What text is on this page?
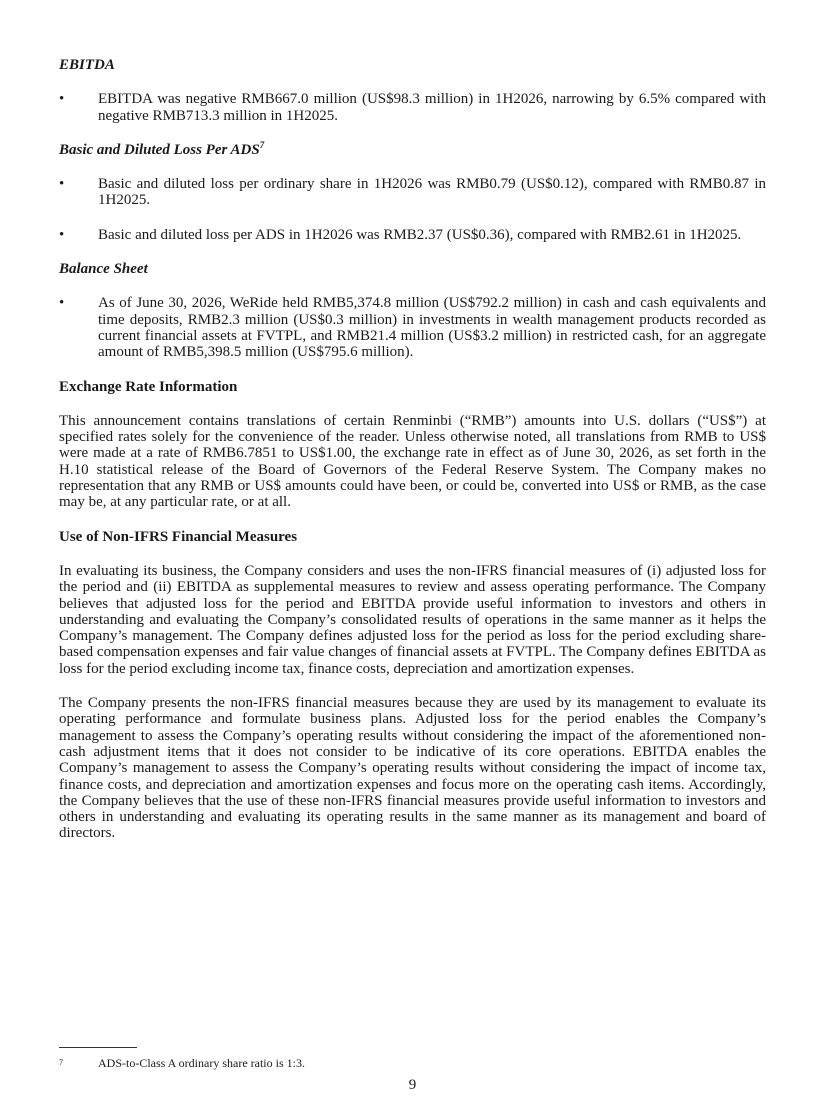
EBITDA
• EBITDA was negative RMB667.0 million (US$98.3 million) in 1H2026, narrowing by 6.5% compared with negative RMB713.3 million in 1H2025.
Basic and Diluted Loss Per ADS$^7$
• Basic and diluted loss per ordinary share in 1H2026 was RMB0.79 (US$0.12), compared with RMB0.87 in 1H2025.
• Basic and diluted loss per ADS in 1H2026 was RMB2.37 (US$0.36), compared with RMB2.61 in 1H2025.
Balance Sheet
• As of June 30, 2026, WeRide held RMB5,374.8 million (US$792.2 million) in cash and cash equivalents and time deposits, RMB2.3 million (US$0.3 million) in investments in wealth management products recorded as current financial assets at FVTPL, and RMB21.4 million (US$3.2 million) in restricted cash, for an aggregate amount of RMB5,398.5 million (US$795.6 million).
Exchange Rate Information
This announcement contains translations of certain Renminbi (“RMB”) amounts into U.S. dollars (“US$”) at specified rates solely for the convenience of the reader. Unless otherwise noted, all translations from RMB to US$ were made at a rate of RMB6.7851 to US$1.00, the exchange rate in effect as of June 30, 2026, as set forth in the H.10 statistical release of the Board of Governors of the Federal Reserve System. The Company makes no representation that any RMB or US$ amounts could have been, or could be, converted into US$ or RMB, as the case may be, at any particular rate, or at all.
Use of Non-IFRS Financial Measures
In evaluating its business, the Company considers and uses the non-IFRS financial measures of (i) adjusted loss for the period and (ii) EBITDA as supplemental measures to review and assess operating performance. The Company believes that adjusted loss for the period and EBITDA provide useful information to investors and others in understanding and evaluating the Company’s consolidated results of operations in the same manner as it helps the Company’s management. The Company defines adjusted loss for the period as loss for the period excluding share-based compensation expenses and fair value changes of financial assets at FVTPL. The Company defines EBITDA as loss for the period excluding income tax, finance costs, depreciation and amortization expenses.
The Company presents the non-IFRS financial measures because they are used by its management to evaluate its operating performance and formulate business plans. Adjusted loss for the period enables the Company’s management to assess the Company’s operating results without considering the impact of the aforementioned non-cash adjustment items that it does not consider to be indicative of its core operations. EBITDA enables the Company’s management to assess the Company’s operating results without considering the impact of income tax, finance costs, and depreciation and amortization expenses and focus more on the operating cash items. Accordingly, the Company believes that the use of these non-IFRS financial measures provide useful information to investors and others in understanding and evaluating its operating results in the same manner as its management and board of directors.
7	ADS-to-Class A ordinary share ratio is 1:3.
9
